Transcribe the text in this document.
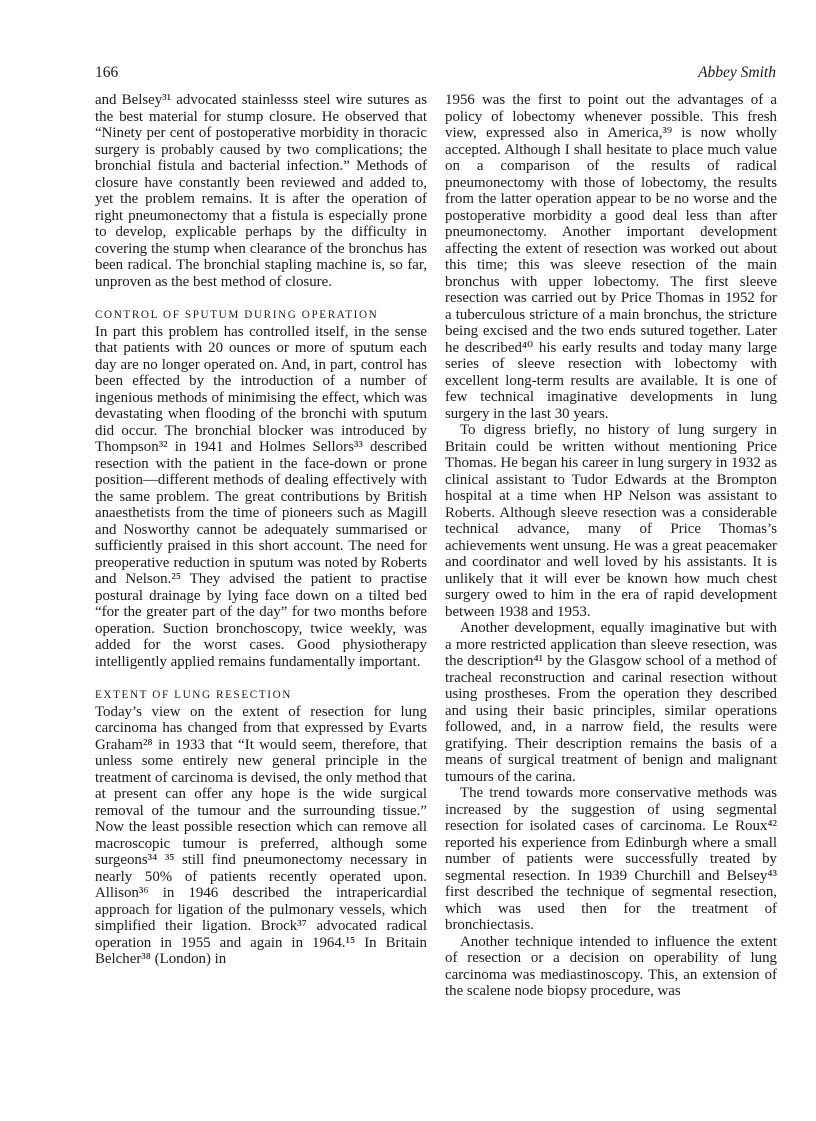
166	Abbey Smith

and Belsey³¹ advocated stainlesss steel wire sutures as the best material for stump closure. He observed that “Ninety per cent of postoperative morbidity in thoracic surgery is probably caused by two complications; the bronchial fistula and bacterial infection.” Methods of closure have constantly been reviewed and added to, yet the problem remains. It is after the operation of right pneumonectomy that a fistula is especially prone to develop, explicable perhaps by the difficulty in covering the stump when clearance of the bronchus has been radical. The bronchial stapling machine is, so far, unproven as the best method of closure.

CONTROL OF SPUTUM DURING OPERATION

In part this problem has controlled itself, in the sense that patients with 20 ounces or more of sputum each day are no longer operated on. And, in part, control has been effected by the introduction of a number of ingenious methods of minimising the effect, which was devastating when flooding of the bronchi with sputum did occur. The bronchial blocker was introduced by Thompson³² in 1941 and Holmes Sellors³³ described resection with the patient in the face-down or prone position—different methods of dealing effectively with the same problem. The great contributions by British anaesthetists from the time of pioneers such as Magill and Nosworthy cannot be adequately summarised or sufficiently praised in this short account. The need for preoperative reduction in sputum was noted by Roberts and Nelson.²⁵ They advised the patient to practise postural drainage by lying face down on a tilted bed “for the greater part of the day” for two months before operation. Suction bronchoscopy, twice weekly, was added for the worst cases. Good physiotherapy intelligently applied remains fundamentally important.

EXTENT OF LUNG RESECTION

Today’s view on the extent of resection for lung carcinoma has changed from that expressed by Evarts Graham²⁸ in 1933 that “It would seem, therefore, that unless some entirely new general principle in the treatment of carcinoma is devised, the only method that at present can offer any hope is the wide surgical removal of the tumour and the surrounding tissue.” Now the least possible resection which can remove all macroscopic tumour is preferred, although some surgeons³⁴ ³⁵ still find pneumonectomy necessary in nearly 50% of patients recently operated upon. Allison³⁶ in 1946 described the intrapericardial approach for ligation of the pulmonary vessels, which simplified their ligation. Brock³⁷ advocated radical operation in 1955 and again in 1964.¹⁵ In Britain Belcher³⁸ (London) in

1956 was the first to point out the advantages of a policy of lobectomy whenever possible. This fresh view, expressed also in America,³⁹ is now wholly accepted. Although I shall hesitate to place much value on a comparison of the results of radical pneumonectomy with those of lobectomy, the results from the latter operation appear to be no worse and the postoperative morbidity a good deal less than after pneumonectomy. Another important development affecting the extent of resection was worked out about this time; this was sleeve resection of the main bronchus with upper lobectomy. The first sleeve resection was carried out by Price Thomas in 1952 for a tuberculous stricture of a main bronchus, the stricture being excised and the two ends sutured together. Later he described⁴⁰ his early results and today many large series of sleeve resection with lobectomy with excellent long-term results are available. It is one of few technical imaginative developments in lung surgery in the last 30 years.

To digress briefly, no history of lung surgery in Britain could be written without mentioning Price Thomas. He began his career in lung surgery in 1932 as clinical assistant to Tudor Edwards at the Brompton hospital at a time when HP Nelson was assistant to Roberts. Although sleeve resection was a considerable technical advance, many of Price Thomas’s achievements went unsung. He was a great peacemaker and coordinator and well loved by his assistants. It is unlikely that it will ever be known how much chest surgery owed to him in the era of rapid development between 1938 and 1953.

Another development, equally imaginative but with a more restricted application than sleeve resection, was the description⁴¹ by the Glasgow school of a method of tracheal reconstruction and carinal resection without using prostheses. From the operation they described and using their basic principles, similar operations followed, and, in a narrow field, the results were gratifying. Their description remains the basis of a means of surgical treatment of benign and malignant tumours of the carina.

The trend towards more conservative methods was increased by the suggestion of using segmental resection for isolated cases of carcinoma. Le Roux⁴² reported his experience from Edinburgh where a small number of patients were successfully treated by segmental resection. In 1939 Churchill and Belsey⁴³ first described the technique of segmental resection, which was used then for the treatment of bronchiectasis.

Another technique intended to influence the extent of resection or a decision on operability of lung carcinoma was mediastinoscopy. This, an extension of the scalene node biopsy procedure, was
